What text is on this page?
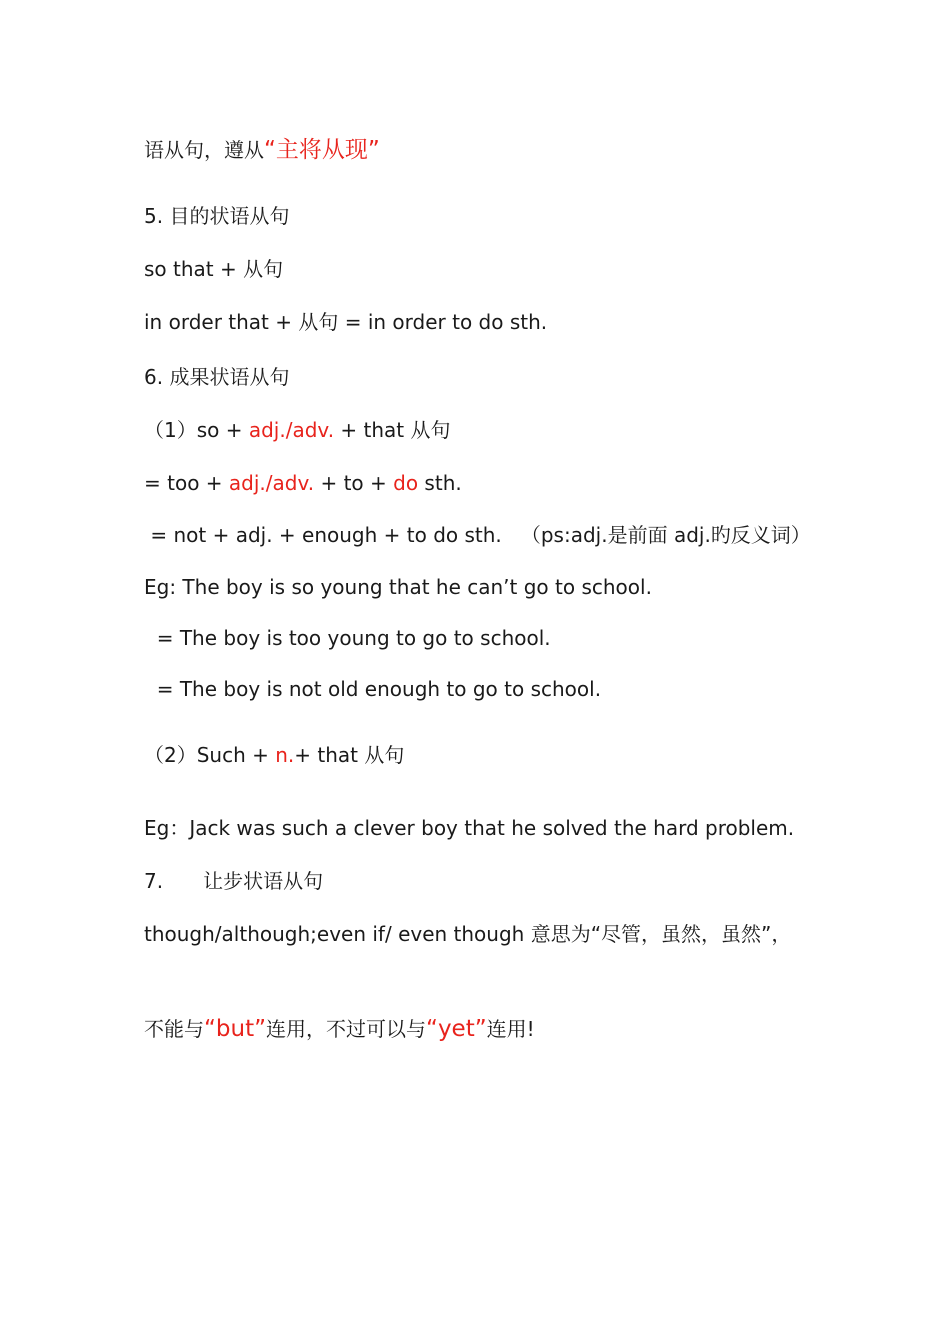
语从句，遵从“主将从现”
5. 目的状语从句
so that + 从句
in order that + 从句 = in order to do sth.
6. 成果状语从句
（1）so + adj./adv. + that 从句
= too + adj./adv. + to + do sth.
= not + adj. + enough + to do sth.   （ps:adj.是前面 adj.旳反义词）
Eg: The boy is so young that he can’t go to school.
= The boy is too young to go to school.
= The boy is not old enough to go to school.
（2）Such + n.+ that 从句
Eg：Jack was such a clever boy that he solved the hard problem.
7. 让步状语从句
though/although;even if/ even though 意思为“尽管，虽然，虽然”，
不能与“but”连用，不过可以与“yet”连用!
